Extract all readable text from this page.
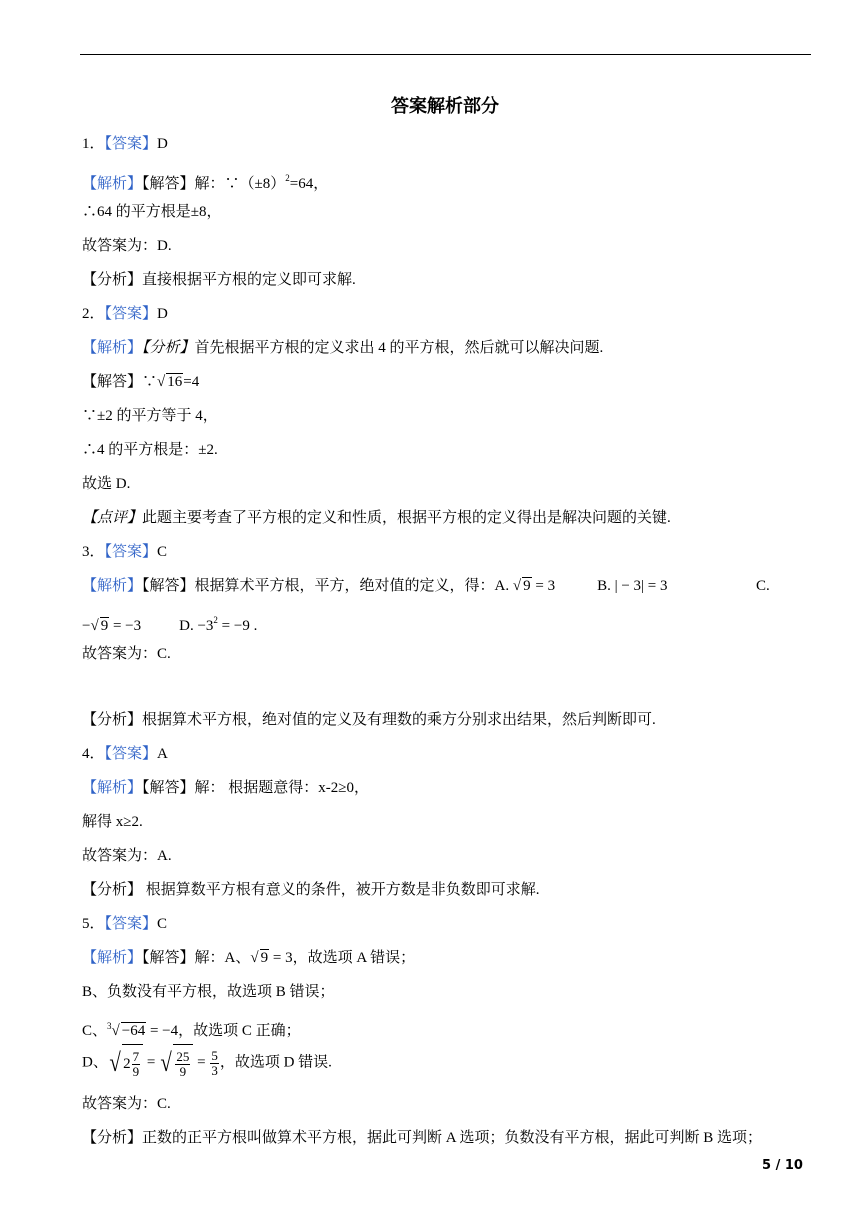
答案解析部分
1．【答案】D
【解析】【解答】解：$\because(\pm 8)^2=64$，
∴64 的平方根是±8，
故答案为：D.
【分析】直接根据平方根的定义即可求解.
2．【答案】D
【解析】【分析】首先根据平方根的定义求出 4 的平方根，然后就可以解决问题.
【解答】∵√ 16=4
∵±2 的平方等于 4，
∴4 的平方根是：±2.
故选 D.
【点评】此题主要考查了平方根的定义和性质，根据平方根的定义得出是解决问题的关键.
3．【答案】C
【解析】【解答】根据算术平方根，平方，绝对值的定义，得：A. √ 9 = 3	B. | − 3| = 3	C.
−√ 9 = −3	D. $-3^2 = -9$ .
故答案为：C.
【分析】根据算术平方根，绝对值的定义及有理数的乘方分别求出结果，然后判断即可.
4．【答案】A
【解析】【解答】解： 根据题意得：x-2≥0，
解得 x≥2.
故答案为：A.
【分析】 根据算数平方根有意义的条件，被开方数是非负数即可求解.
5．【答案】C
【解析】【解答】解：A、√ 9 = 3，故选项 A 错误；
B、负数没有平方根，故选项 B 错误；
C、$^3$√ −64 = −4，故选项 C 正确；
D、√ $2 \frac{7}{9}$ = √ $\frac{25}{9} = \frac{5}{3}$ ，故选项 D 错误.
故答案为：C.
【分析】正数的正平方根叫做算术平方根，据此可判断 A 选项；负数没有平方根，据此可判断 B 选项；
5 / 10
